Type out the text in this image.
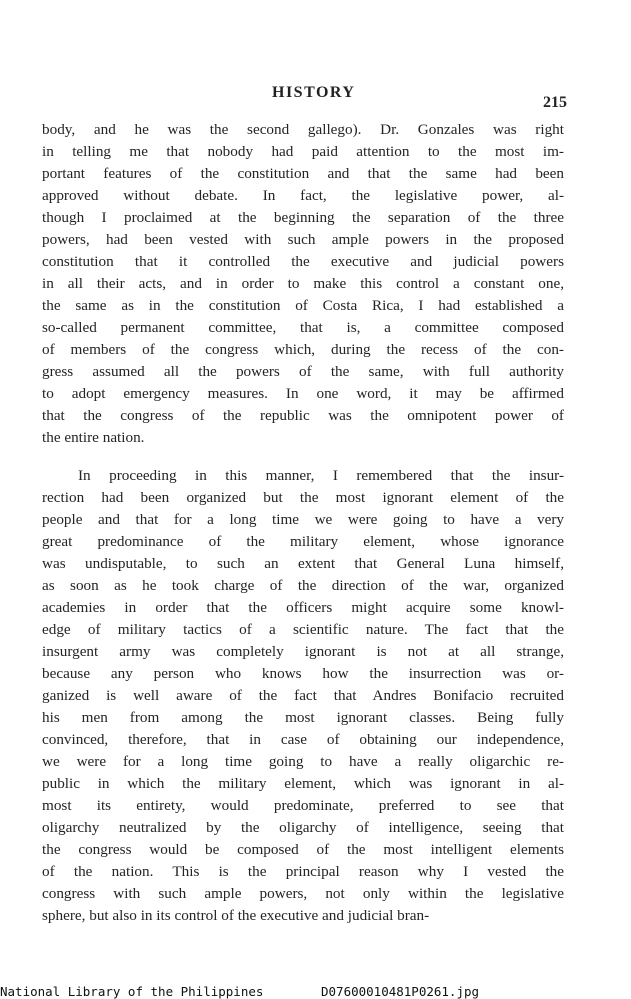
HISTORY
215

body, and he was the second gallego). Dr. Gonzales was right
in telling me that nobody had paid attention to the most im-
portant features of the constitution and that the same had been
approved without debate. In fact, the legislative power, al-
though I proclaimed at the beginning the separation of the three
powers, had been vested with such ample powers in the proposed
constitution that it controlled the executive and judicial powers
in all their acts, and in order to make this control a constant one,
the same as in the constitution of Costa Rica, I had established a
so-called permanent committee, that is, a committee composed
of members of the congress which, during the recess of the con-
gress assumed all the powers of the same, with full authority
to adopt emergency measures. In one word, it may be affirmed
that the congress of the republic was the omnipotent power of
the entire nation.

In proceeding in this manner, I remembered that the insur-
rection had been organized but the most ignorant element of the
people and that for a long time we were going to have a very
great predominance of the military element, whose ignorance
was undisputable, to such an extent that General Luna himself,
as soon as he took charge of the direction of the war, organized
academies in order that the officers might acquire some knowl-
edge of military tactics of a scientific nature. The fact that the
insurgent army was completely ignorant is not at all strange,
because any person who knows how the insurrection was or-
ganized is well aware of the fact that Andres Bonifacio recruited
his men from among the most ignorant classes. Being fully
convinced, therefore, that in case of obtaining our independence,
we were for a long time going to have a really oligarchic re-
public in which the military element, which was ignorant in al-
most its entirety, would predominate, preferred to see that
oligarchy neutralized by the oligarchy of intelligence, seeing that
the congress would be composed of the most intelligent elements
of the nation. This is the principal reason why I vested the
congress with such ample powers, not only within the legislative
sphere, but also in its control of the executive and judicial bran-

National Library of the Philippines	D07600010481P0261.jpg
